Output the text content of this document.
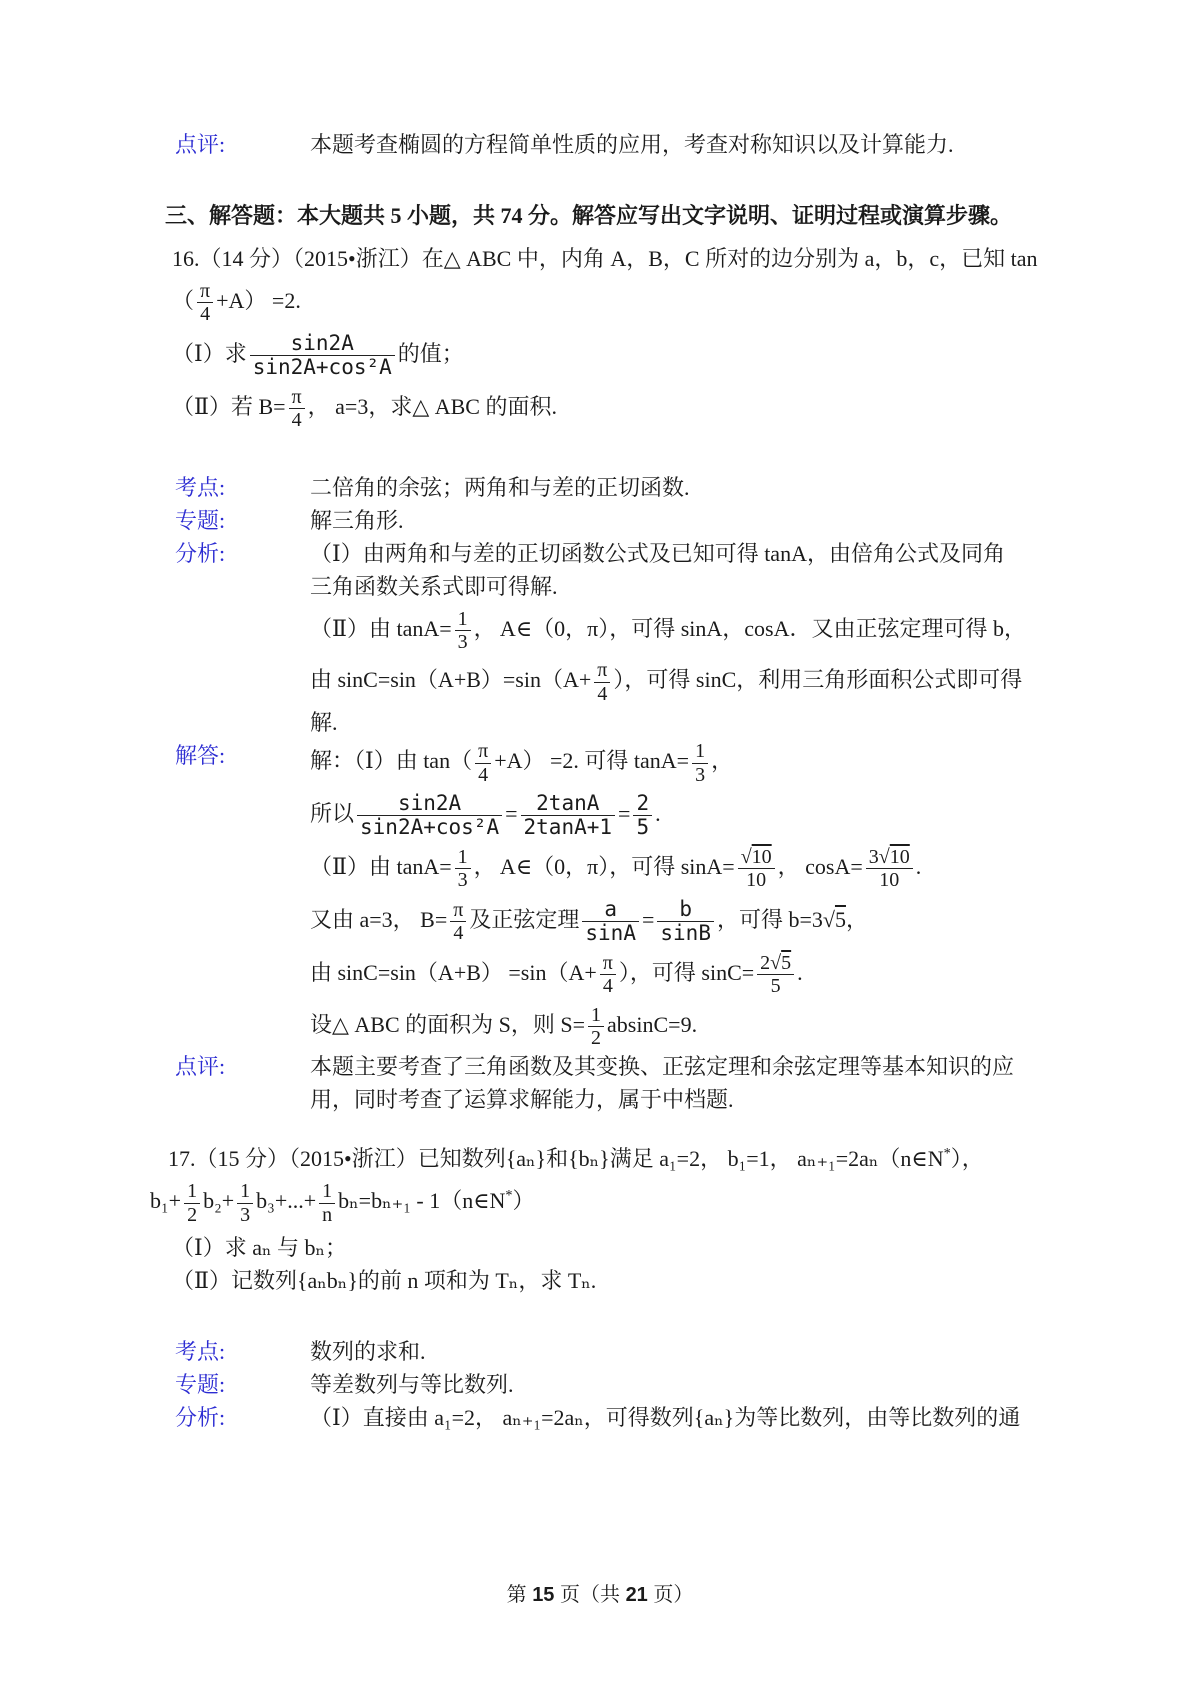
点评:	本题考查椭圆的方程简单性质的应用，考查对称知识以及计算能力.
三、解答题：本大题共 5 小题，共 74 分。解答应写出文字说明、证明过程或演算步骤。
16.（14 分）（2015•浙江）在△ ABC 中，内角 A，B，C 所对的边分别为 a，b，c，已知 tan
（ $\frac{\pi}{4} +A) =2$.
（Ⅰ）求 $\frac{\sin 2A}{\text{sin2A+cos²A}}$ 的值；
（Ⅱ）若 $B= \frac{\pi}{4}$ ， a=3，求△ ABC 的面积.
考点:	二倍角的余弦；两角和与差的正切函数.
专题:	解三角形.
分析:	（Ⅰ）由两角和与差的正切函数公式及已知可得 tanA，由倍角公式及同角
三角函数关系式即可得解.
（Ⅱ）由 $\tan A= \frac{1}{3}$ ， A∈（0，π），可得 sinA，cosA．又由正弦定理可得 b，
由 $\sin C=\sin(A+B)=\sin(A+ \frac{\pi}{4}$ ），可得 sinC，利用三角形面积公式即可得
解.
解答:	解：（Ⅰ）由 $\tan( \frac{\pi}{4} +A) =2$. 可得 $\tan A= \frac{1}{3}$ ，
所以 $\frac{\sin 2A}{\text{sin2A+cos²A}} = \frac{2\tan A}{2\tan A+1} = \frac{2}{5}$ .
（Ⅱ）由 $\tan A= \frac{1}{3}$ ， A∈（0，π），可得 $\sin A= \frac{√10}{10}$ ， $\cos A= \frac{3√10}{10}$ .
又由 a=3， $B= \frac{\pi}{4}$ 及正弦定理 $\frac{a}{\sin A} = \frac{b}{\sin B}$ ，可得 b=3√5，
由 $\sin C=\sin(A+B) =\sin(A+ \frac{\pi}{4}$ ），可得 $\sin C= \frac{2√5}{5}$ .
设△ ABC 的面积为 S，则 $S= \frac{1}{2} absinC=9$.
点评:	本题主要考查了三角函数及其变换、正弦定理和余弦定理等基本知识的应
用，同时考查了运算求解能力，属于中档题.
17.（15 分）（2015•浙江）已知数列{aₙ}和{bₙ}满足 a₁=2， b₁=1， aₙ₊₁=2aₙ（n∈N*），
$b_1+ \frac{1}{2} b_2+ \frac{1}{3} b_3+...+ \frac{1}{n} b_n=b_{n+1}$ - 1（n∈N*）
（Ⅰ）求 aₙ 与 bₙ；
（Ⅱ）记数列{aₙbₙ}的前 n 项和为 Tₙ，求 Tₙ.
考点:	数列的求和.
专题:	等差数列与等比数列.
分析:	（Ⅰ）直接由 a₁=2， aₙ₊₁=2aₙ，可得数列{aₙ}为等比数列，由等比数列的通
第 15 页（共 21 页）
